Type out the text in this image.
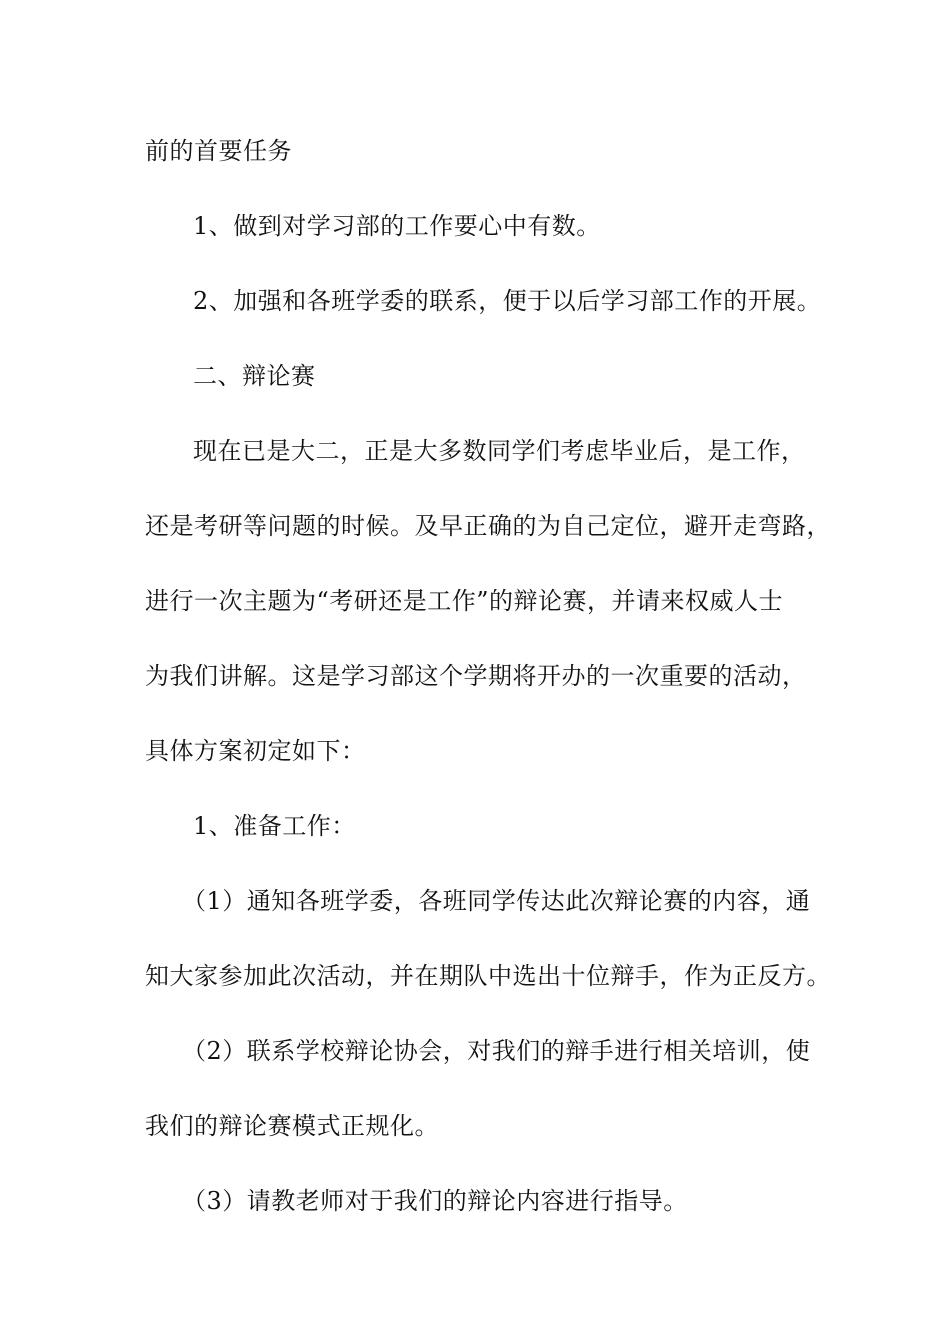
前的首要任务
1、做到对学习部的工作要心中有数。
2、加强和各班学委的联系，便于以后学习部工作的开展。
二、辩论赛
现在已是大二，正是大多数同学们考虑毕业后，是工作，
还是考研等问题的时候。及早正确的为自己定位，避开走弯路，
进行一次主题为“考研还是工作”的辩论赛，并请来权威人士
为我们讲解。这是学习部这个学期将开办的一次重要的活动，
具体方案初定如下：
1、准备工作：
（1）通知各班学委，各班同学传达此次辩论赛的内容，通
知大家参加此次活动，并在期队中选出十位辩手，作为正反方。
（2）联系学校辩论协会，对我们的辩手进行相关培训，使
我们的辩论赛模式正规化。
（3）请教老师对于我们的辩论内容进行指导。
